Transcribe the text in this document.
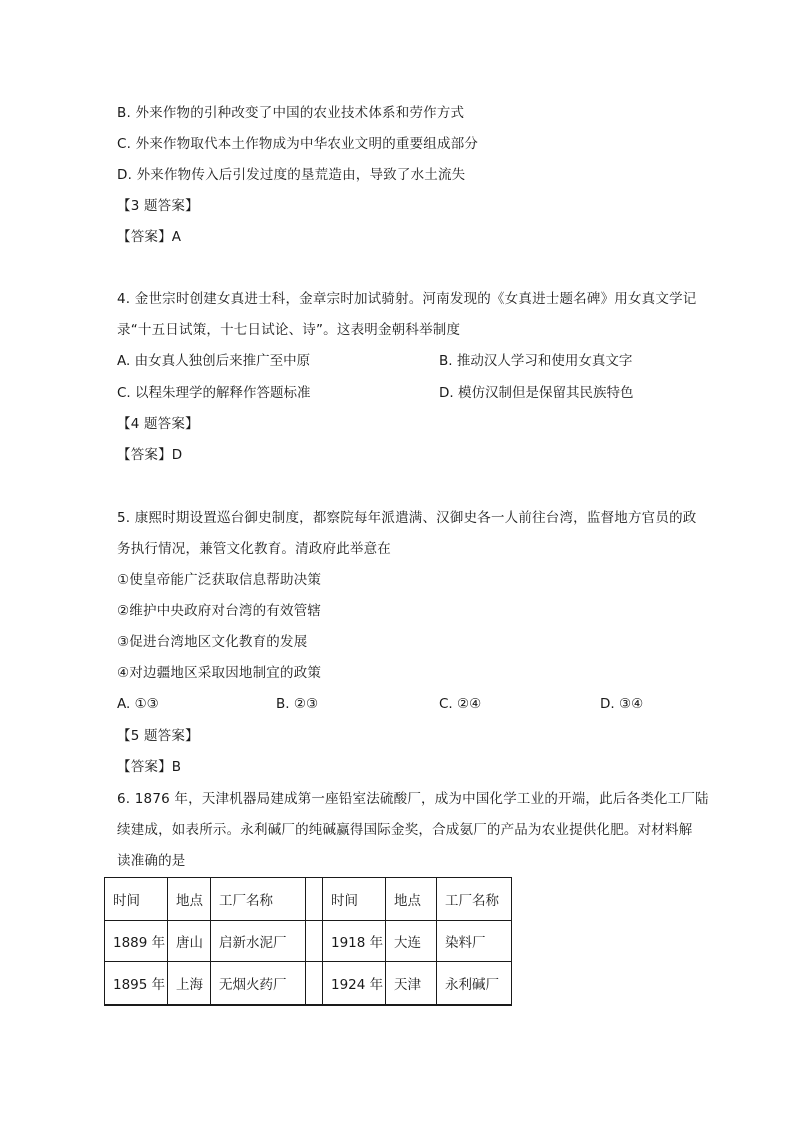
B. 外来作物的引种改变了中国的农业技术体系和劳作方式
C. 外来作物取代本土作物成为中华农业文明的重要组成部分
D. 外来作物传入后引发过度的垦荒造由，导致了水土流失
【3 题答案】
【答案】A
4. 金世宗时创建女真进士科，金章宗时加试骑射。河南发现的《女真进士题名碑》用女真文学记
录“十五日试策，十七日试论、诗”。这表明金朝科举制度
A. 由女真人独创后来推广至中原	B. 推动汉人学习和使用女真文字
C. 以程朱理学的解释作答题标准	D. 模仿汉制但是保留其民族特色
【4 题答案】
【答案】D
5. 康熙时期设置巡台御史制度，都察院每年派遣满、汉御史各一人前往台湾，监督地方官员的政
务执行情况，兼管文化教育。清政府此举意在
①使皇帝能广泛获取信息帮助决策
②维护中央政府对台湾的有效管辖
③促进台湾地区文化教育的发展
④对边疆地区采取因地制宜的政策
A. ①③	B. ②③	C. ②④	D. ③④
【5 题答案】
【答案】B
6. 1876 年，天津机器局建成第一座铅室法硫酸厂，成为中国化学工业的开端，此后各类化工厂陆
续建成，如表所示。永利碱厂的纯碱赢得国际金奖，合成氨厂的产品为农业提供化肥。对材料解
读准确的是
时间	地点	工厂名称		时间	地点	工厂名称
1889 年	唐山	启新水泥厂		1918 年	大连	染料厂
1895 年	上海	无烟火药厂		1924 年	天津	永利碱厂
